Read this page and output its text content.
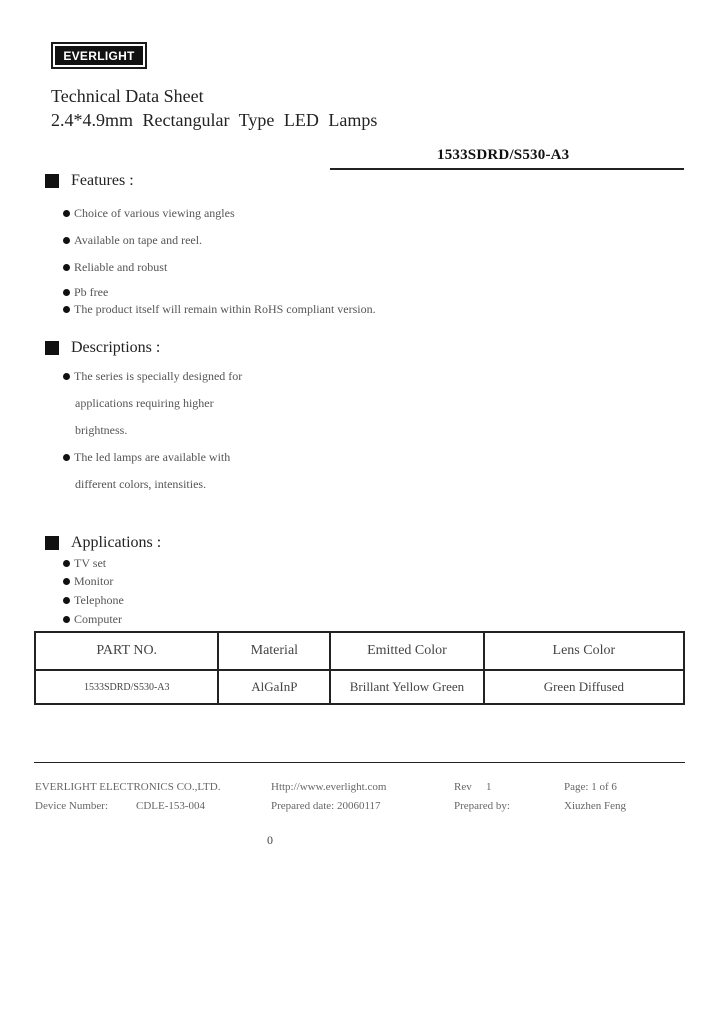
EVERLIGHT
Technical Data Sheet
2.4*4.9mm Rectangular Type LED Lamps
1533SDRD/S530-A3
Features :
Choice of various viewing angles
Available on tape and reel.
Reliable and robust
Pb free
The product itself will remain within RoHS compliant version.
Descriptions :
The series is specially designed for
applications requiring higher
brightness.
The led lamps are available with
different colors, intensities.
Applications :
TV set
Monitor
Telephone
Computer
PART NO.	Material	Emitted Color	Lens Color
1533SDRD/S530-A3	AlGaInP	Brillant Yellow Green	Green Diffused
EVERLIGHT ELECTRONICS CO.,LTD.	Http://www.everlight.com	Rev 1	Page: 1 of 6
Device Number:	CDLE-153-004	Prepared date: 20060117	Prepared by:	Xiuzhen Feng
0
